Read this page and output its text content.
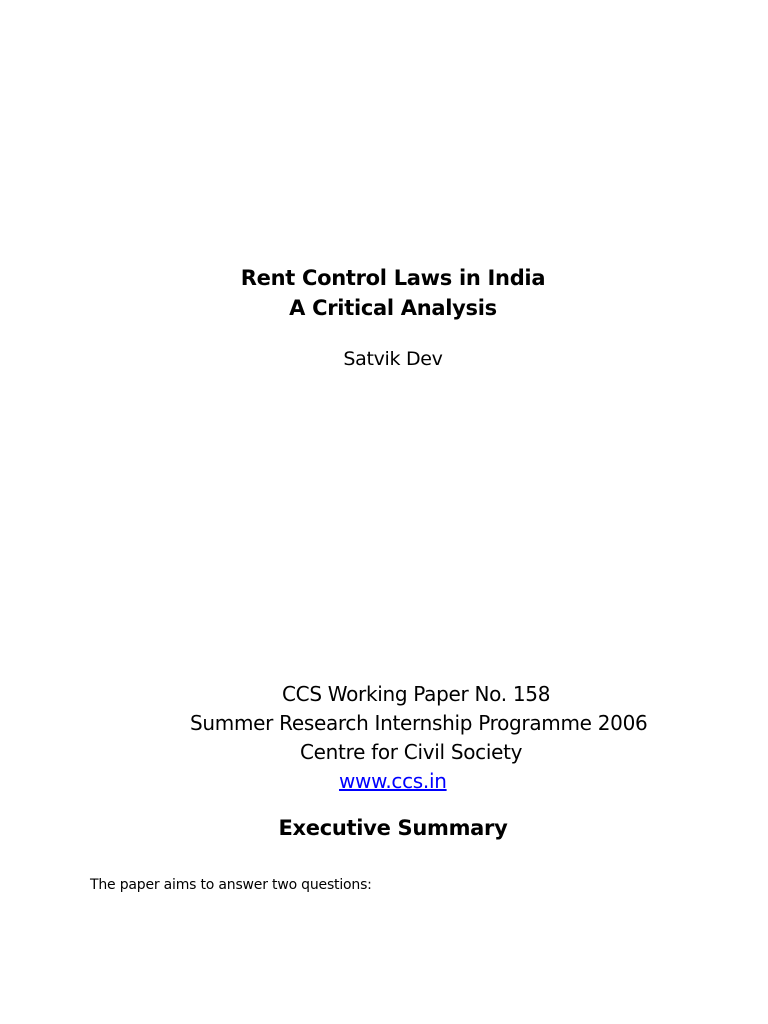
Rent Control Laws in India
A Critical Analysis
Satvik Dev
CCS Working Paper No. 158
Summer Research Internship Programme 2006
Centre for Civil Society
www.ccs.in
Executive Summary
The paper aims to answer two questions:
